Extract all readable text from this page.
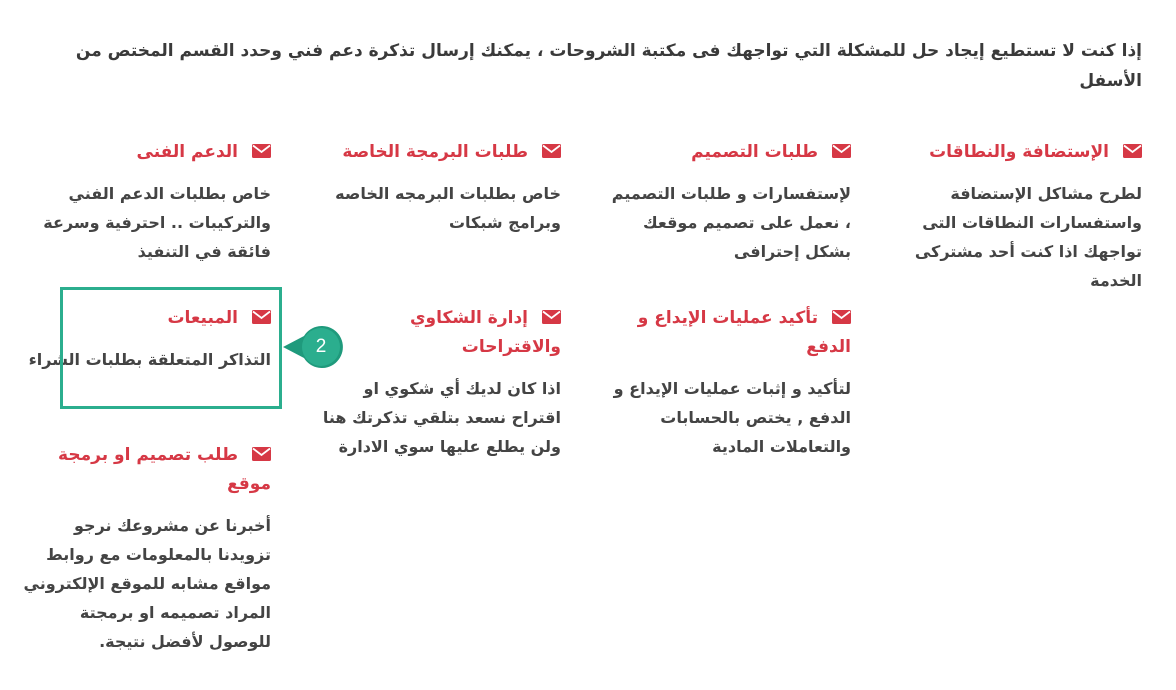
إذا كنت لا تستطيع إيجاد حل للمشكلة التي تواجهك فى مكتبة الشروحات ، يمكنك إرسال تذكرة دعم فني وحدد القسم المختص من الأسفل

الإستضافة والنطاقات

لطرح مشاكل الإستضافة واستفسارات النطاقات التى تواجهك اذا كنت أحد مشتركى الخدمة

طلبات التصميم

لإستفسارات و طلبات التصميم ، نعمل على تصميم موقعك بشكل إحترافى

طلبات البرمجة الخاصة

خاص بطلبات البرمجه الخاصه وبرامج شبكات

الدعم الفنى

خاص بطلبات الدعم الفني والتركيبات .. احترفية وسرعة فائقة في التنفيذ

تأكيد عمليات الإيداع و الدفع

لتأكيد و إثبات عمليات الإيداع و الدفع , يختص بالحسابات والتعاملات المادية

إدارة الشكاوي والاقتراحات

اذا كان لديك أي شكوي او اقتراح نسعد بتلقي تذكرتك هنا ولن يطلع عليها سوي الادارة

المبيعات

التذاكر المتعلقة بطلبات الشراء

طلب تصميم او برمجة موقع

أخبرنا عن مشروعك نرجو تزويدنا بالمعلومات مع روابط مواقع مشابه للموقع الإلكتروني المراد تصميمه او برمجتة للوصول لأفضل نتيجة.

2
